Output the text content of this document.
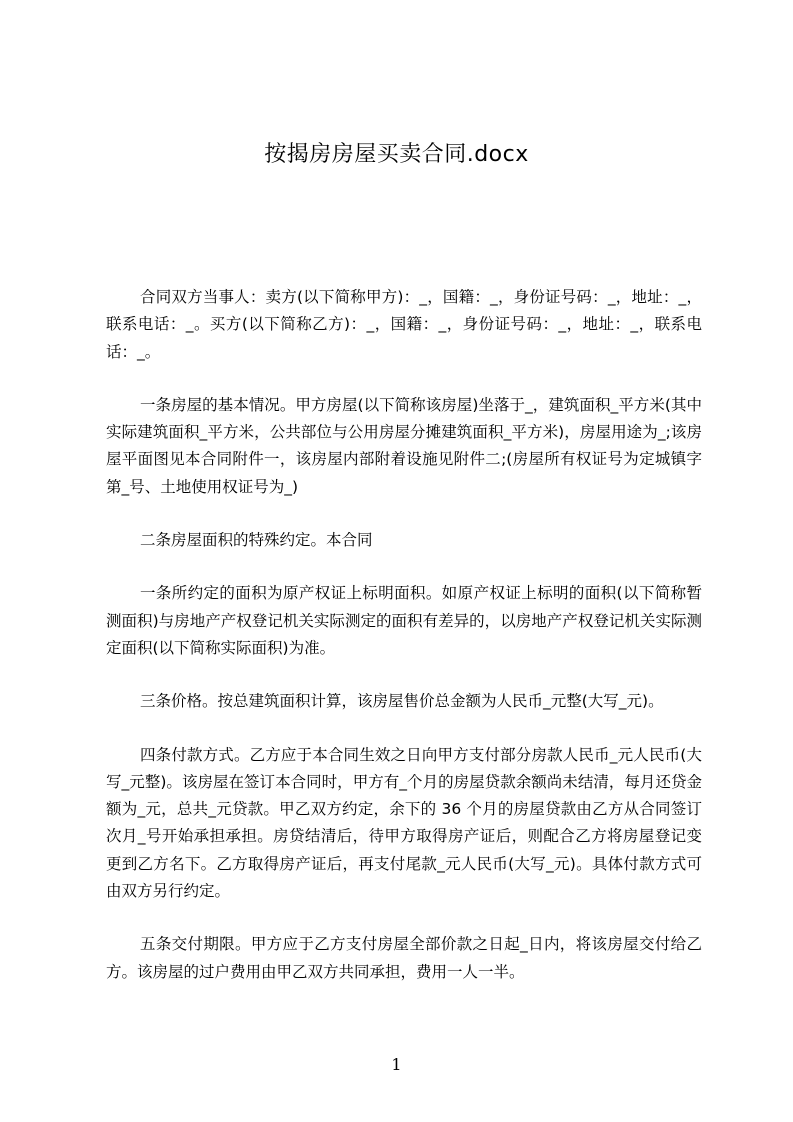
按揭房房屋买卖合同.docx

合同双方当事人：卖方(以下简称甲方)：_，国籍：_，身份证号码：_，地址：_，联系电话：_。买方(以下简称乙方)：_，国籍：_，身份证号码：_，地址：_，联系电话：_。

一条房屋的基本情况。甲方房屋(以下简称该房屋)坐落于_，建筑面积_平方米(其中实际建筑面积_平方米，公共部位与公用房屋分摊建筑面积_平方米)，房屋用途为_;该房屋平面图见本合同附件一，该房屋内部附着设施见附件二;(房屋所有权证号为定城镇字第_号、土地使用权证号为_)

二条房屋面积的特殊约定。本合同

一条所约定的面积为原产权证上标明面积。如原产权证上标明的面积(以下简称暂测面积)与房地产产权登记机关实际测定的面积有差异的，以房地产产权登记机关实际测定面积(以下简称实际面积)为准。

三条价格。按总建筑面积计算，该房屋售价总金额为人民币_元整(大写_元)。

四条付款方式。乙方应于本合同生效之日向甲方支付部分房款人民币_元人民币(大写_元整)。该房屋在签订本合同时，甲方有_个月的房屋贷款余额尚未结清，每月还贷金额为_元，总共_元贷款。甲乙双方约定，余下的 36 个月的房屋贷款由乙方从合同签订次月_号开始承担承担。房贷结清后，待甲方取得房产证后，则配合乙方将房屋登记变更到乙方名下。乙方取得房产证后，再支付尾款_元人民币(大写_元)。具体付款方式可由双方另行约定。

五条交付期限。甲方应于乙方支付房屋全部价款之日起_日内，将该房屋交付给乙方。该房屋的过户费用由甲乙双方共同承担，费用一人一半。

1
